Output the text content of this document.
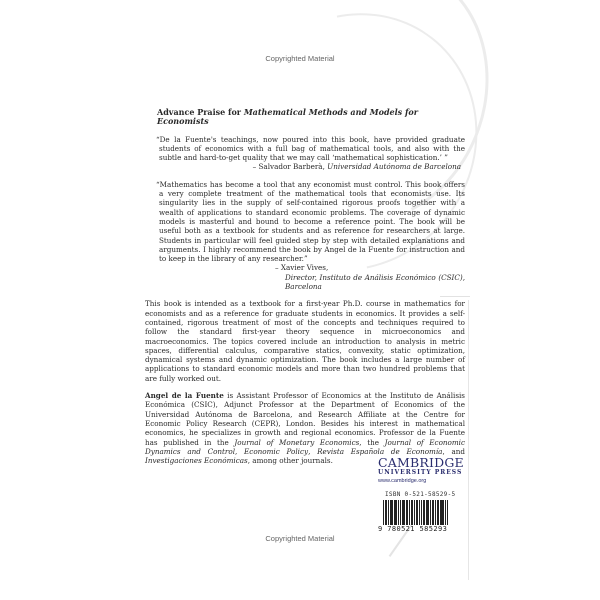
Copyrighted Material
Advance Praise for Mathematical Methods and Models for Economists
“De la Fuente's teachings, now poured into this book, have provided graduate students of economics with a full bag of mathematical tools, and also with the subtle and hard-to-get quality that we may call ‘mathematical sophistication.’ ”
– Salvador Barberà, Universidad Autónoma de Barcelona
“Mathematics has become a tool that any economist must control. This book offers a very complete treatment of the mathematical tools that economists use. Its singularity lies in the supply of self-contained rigorous proofs together with a wealth of applications to standard economic problems. The coverage of dynamic models is masterful and bound to become a reference point. The book will be useful both as a textbook for students and as reference for researchers at large. Students in particular will feel guided step by step with detailed explanations and arguments. I highly recommend the book by Angel de la Fuente for instruction and to keep in the library of any researcher.”
– Xavier Vives,
Director, Instituto de Análisis Económico (CSIC), Barcelona
This book is intended as a textbook for a first-year Ph.D. course in mathematics for economists and as a reference for graduate students in economics. It provides a self-contained, rigorous treatment of most of the concepts and techniques required to follow the standard first-year theory sequence in microeconomics and macroeconomics. The topics covered include an introduction to analysis in metric spaces, differential calculus, comparative statics, convexity, static optimization, dynamical systems and dynamic optimization. The book includes a large number of applications to standard economic models and more than two hundred problems that are fully worked out.
Angel de la Fuente is Assistant Professor of Economics at the Instituto de Análisis Económica (CSIC), Adjunct Professor at the Department of Economics of the Universidad Autónoma de Barcelona, and Research Affiliate at the Centre for Economic Policy Research (CEPR), London. Besides his interest in mathematical economics, he specializes in growth and regional economics. Professor de la Fuente has published in the Journal of Monetary Economics, the Journal of Economic Dynamics and Control, Economic Policy, Revista Española de Economía, and Investigaciones Económicas, among other journals.	CAMBRIDGE
UNIVERSITY PRESS
www.cambridge.org
ISBN 0-521-58529-5
9 780521 585293
Copyrighted Material
